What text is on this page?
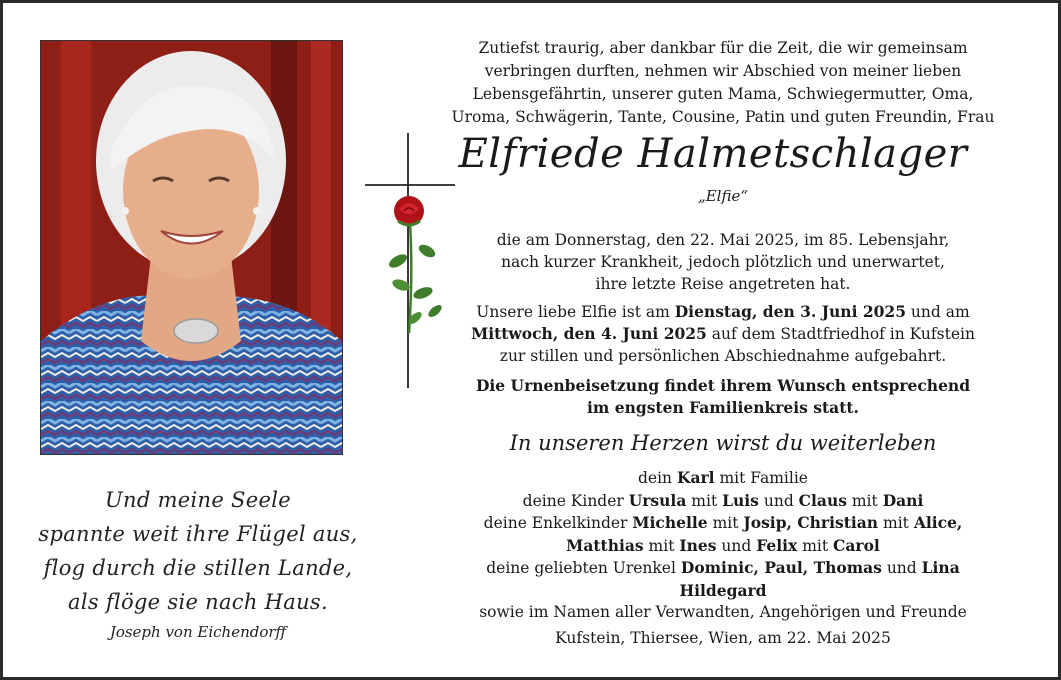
Und meine Seele
spannte weit ihre Flügel aus,
flog durch die stillen Lande,
als flöge sie nach Haus.
Joseph von Eichendorff
Zutiefst traurig, aber dankbar für die Zeit, die wir gemeinsam
verbringen durften, nehmen wir Abschied von meiner lieben
Lebensgefährtin, unserer guten Mama, Schwiegermutter, Oma,
Uroma, Schwägerin, Tante, Cousine, Patin und guten Freundin, Frau
Elfriede Halmetschlager
„Elfie“
die am Donnerstag, den 22. Mai 2025, im 85. Lebensjahr,
nach kurzer Krankheit, jedoch plötzlich und unerwartet,
ihre letzte Reise angetreten hat.
Unsere liebe Elfie ist am Dienstag, den 3. Juni 2025 und am
Mittwoch, den 4. Juni 2025 auf dem Stadtfriedhof in Kufstein
zur stillen und persönlichen Abschiednahme aufgebahrt.
Die Urnenbeisetzung findet ihrem Wunsch entsprechend
im engsten Familienkreis statt.
In unseren Herzen wirst du weiterleben
dein Karl mit Familie
deine Kinder Ursula mit Luis und Claus mit Dani
deine Enkelkinder Michelle mit Josip, Christian mit Alice,
Matthias mit Ines und Felix mit Carol
deine geliebten Urenkel Dominic, Paul, Thomas und Lina
Hildegard
sowie im Namen aller Verwandten, Angehörigen und Freunde
Kufstein, Thiersee, Wien, am 22. Mai 2025
